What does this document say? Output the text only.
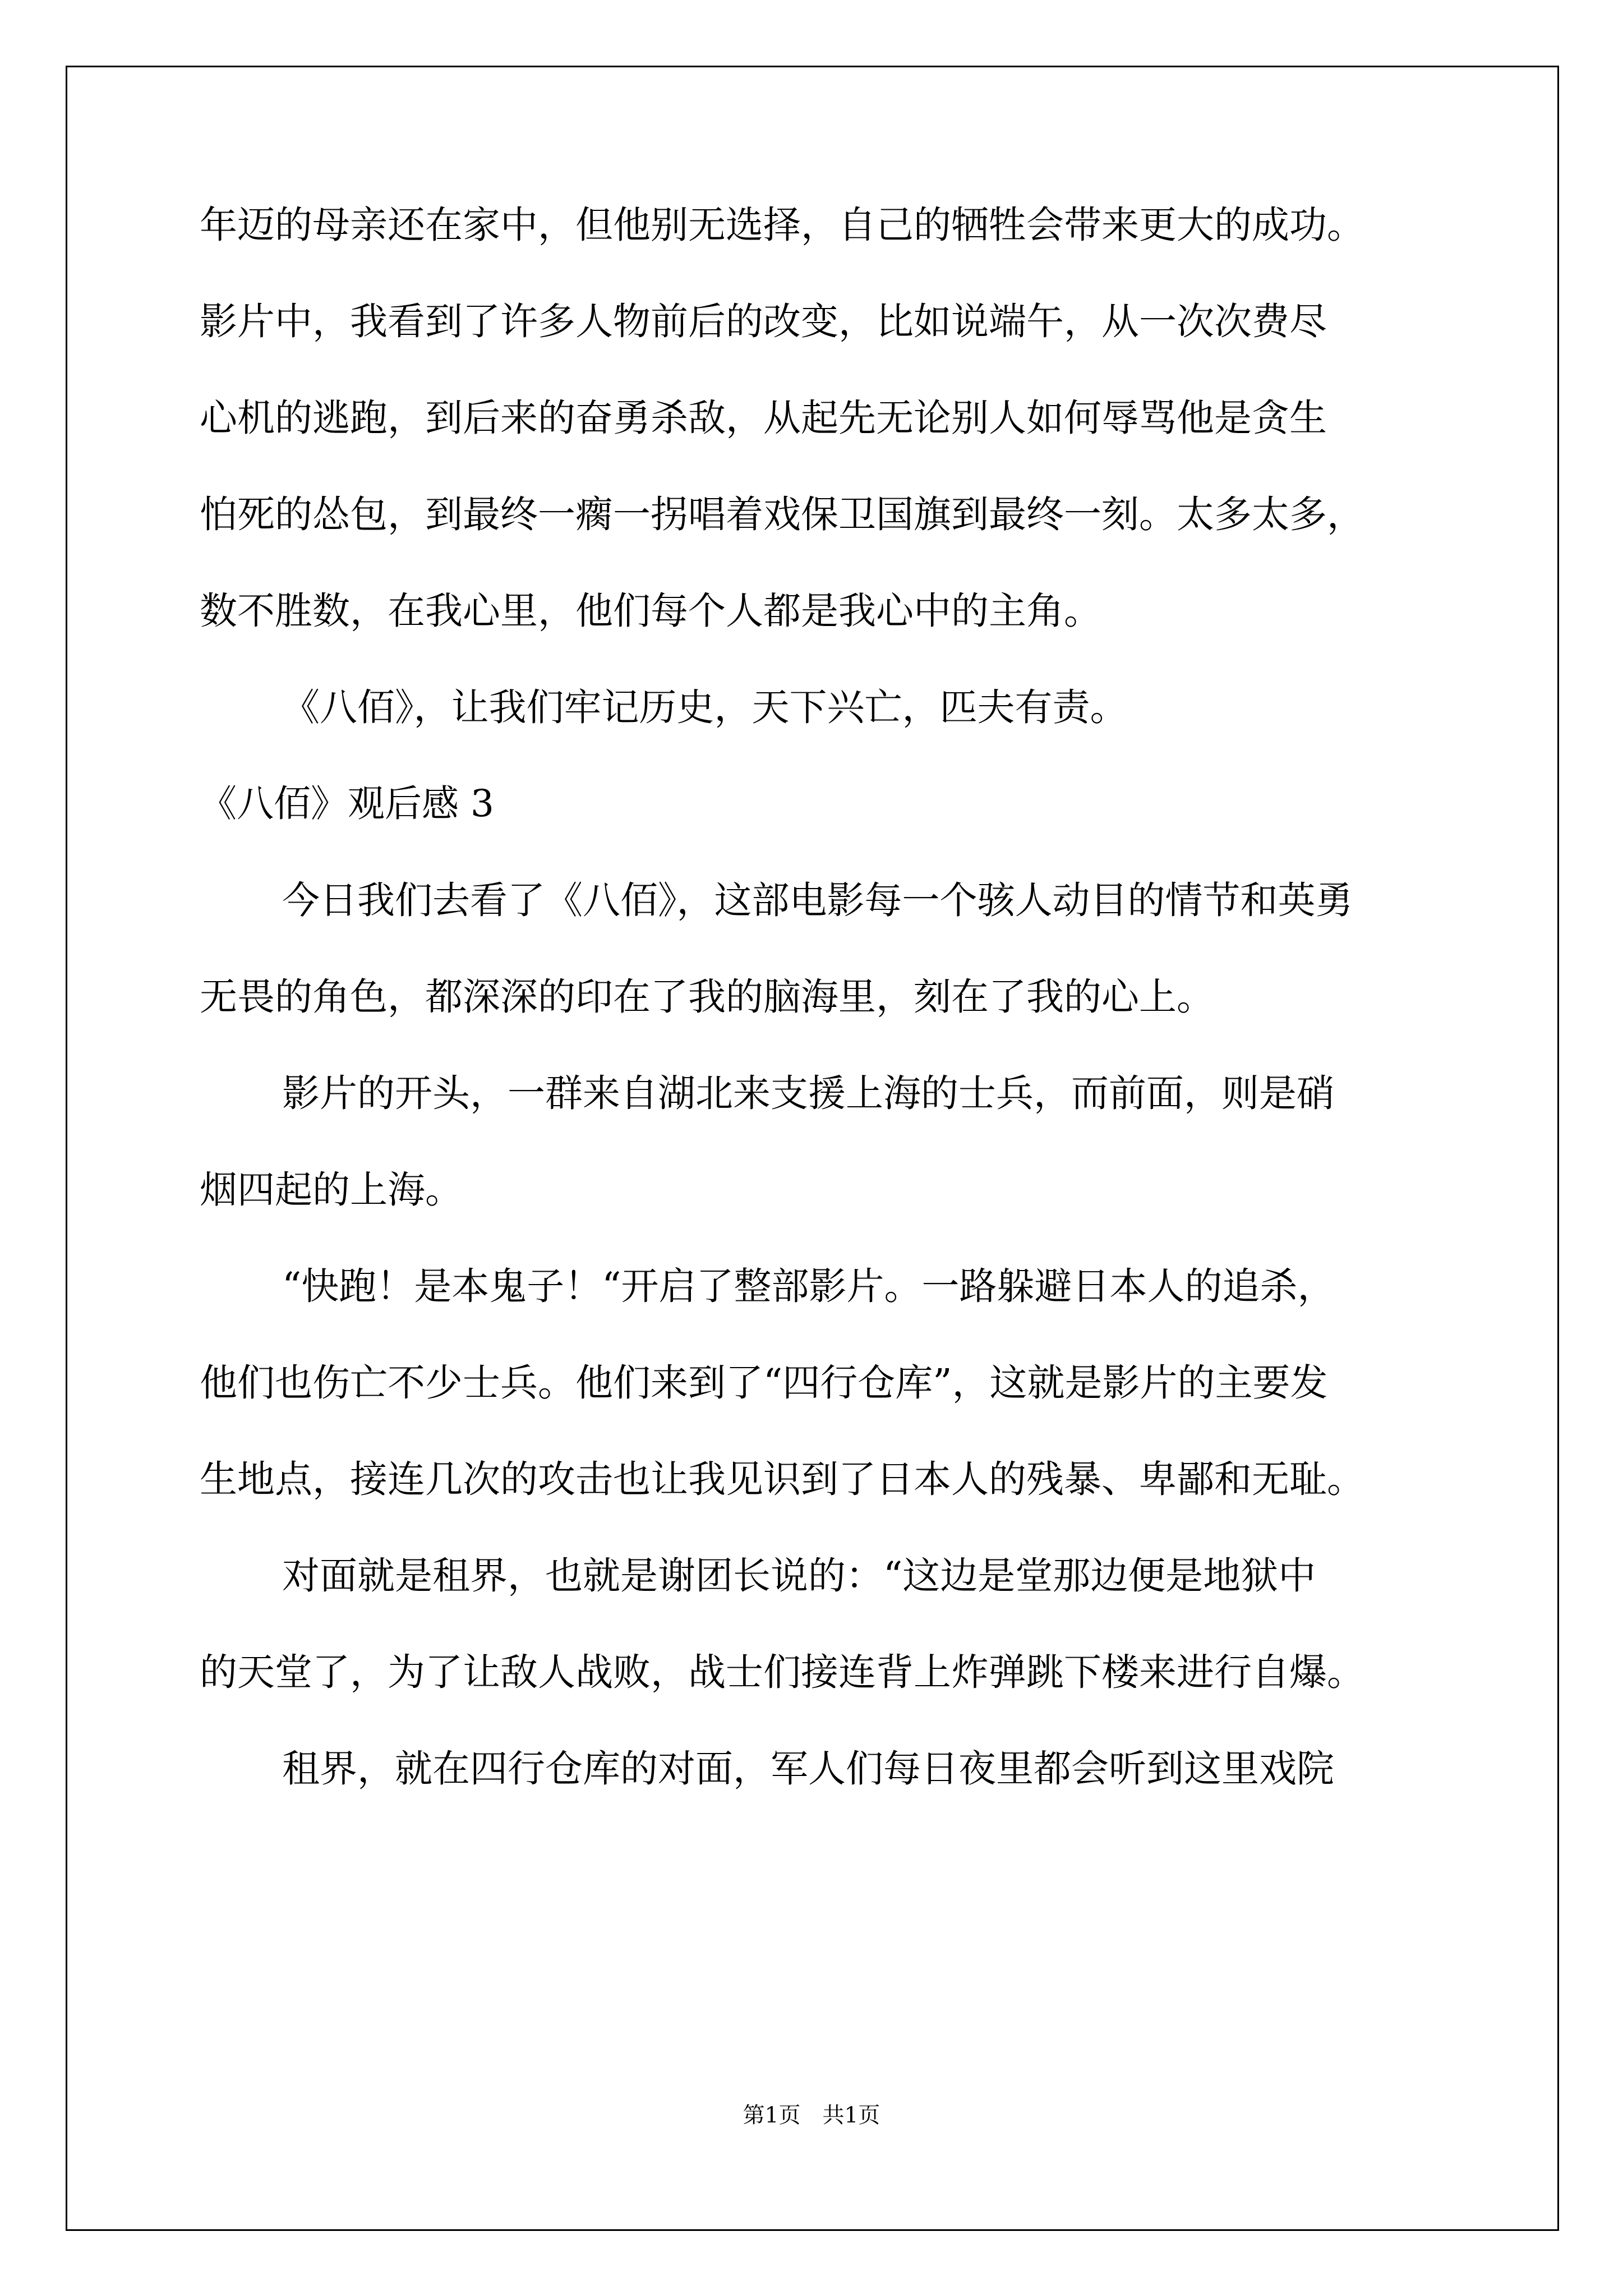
年迈的母亲还在家中，但他别无选择，自己的牺牲会带来更大的成功。
影片中，我看到了许多人物前后的改变，比如说端午，从一次次费尽
心机的逃跑，到后来的奋勇杀敌，从起先无论别人如何辱骂他是贪生
怕死的怂包，到最终一瘸一拐唱着戏保卫国旗到最终一刻。太多太多，
数不胜数，在我心里，他们每个人都是我心中的主角。
《八佰》，让我们牢记历史，天下兴亡，匹夫有责。
《八佰》观后感 3
今日我们去看了《八佰》，这部电影每一个骇人动目的情节和英勇
无畏的角色，都深深的印在了我的脑海里，刻在了我的心上。
影片的开头，一群来自湖北来支援上海的士兵，而前面，则是硝
烟四起的上海。
“快跑！是本鬼子！“开启了整部影片。一路躲避日本人的追杀，
他们也伤亡不少士兵。他们来到了“四行仓库”，这就是影片的主要发
生地点，接连几次的攻击也让我见识到了日本人的残暴、卑鄙和无耻。
对面就是租界，也就是谢团长说的：“这边是堂那边便是地狱中
的天堂了，为了让敌人战败，战士们接连背上炸弹跳下楼来进行自爆。
租界，就在四行仓库的对面，军人们每日夜里都会听到这里戏院
第1页　共1页
